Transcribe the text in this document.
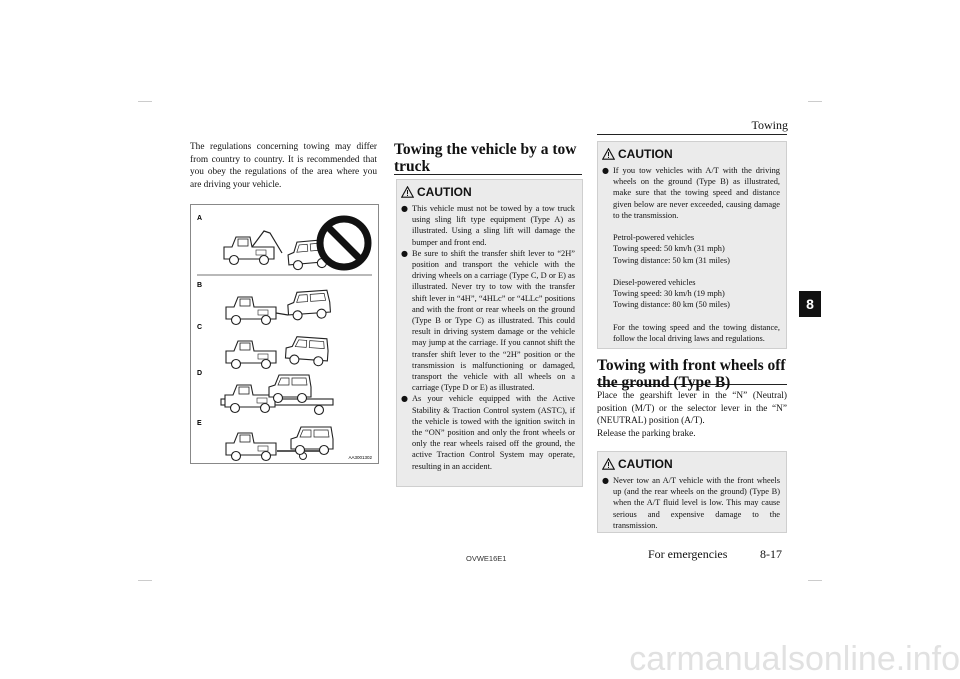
Towing
8
The regulations concerning towing may differ from country to country. It is recommended that you obey the regulations of the area where you are driving your vehicle.
A
B
C
D
E
AA3001302
Towing the vehicle by a tow truck
CAUTION
● This vehicle must not be towed by a tow truck using sling lift type equipment (Type A) as illustrated. Using a sling lift will damage the bumper and front end.
● Be sure to shift the transfer shift lever to “2H” position and transport the vehicle with the driving wheels on a carriage (Type C, D or E) as illustrated. Never try to tow with the transfer shift lever in “4H”, “4HLc” or “4LLc” positions and with the front or rear wheels on the ground (Type B or Type C) as illustrated. This could result in driving system damage or the vehicle may jump at the carriage. If you cannot shift the transfer shift lever to the “2H” position or the transmission is malfunctioning or damaged, transport the vehicle with all wheels on a carriage (Type D or E) as illustrated.
● As your vehicle equipped with the Active Stability & Traction Control system (ASTC), if the vehicle is towed with the ignition switch in the “ON” position and only the front wheels or only the rear wheels raised off the ground, the active Traction Control System may operate, resulting in an accident.
CAUTION
● If you tow vehicles with A/T with the driving wheels on the ground (Type B) as illustrated, make sure that the towing speed and distance given below are never exceeded, causing damage to the transmission.

Petrol-powered vehicles
Towing speed: 50 km/h (31 mph)
Towing distance: 50 km (31 miles)

Diesel-powered vehicles
Towing speed: 30 km/h (19 mph)
Towing distance: 80 km (50 miles)

For the towing speed and the towing distance, follow the local driving laws and regulations.
Towing with front wheels off the ground (Type B)
Place the gearshift lever in the “N” (Neutral) position (M/T) or the selector lever in the “N” (NEUTRAL) position (A/T).
Release the parking brake.
CAUTION
● Never tow an A/T vehicle with the front wheels up (and the rear wheels on the ground) (Type B) when the A/T fluid level is low. This may cause serious and expensive damage to the transmission.
OVWE16E1	For emergencies	8-17
carmanualsonline.info
